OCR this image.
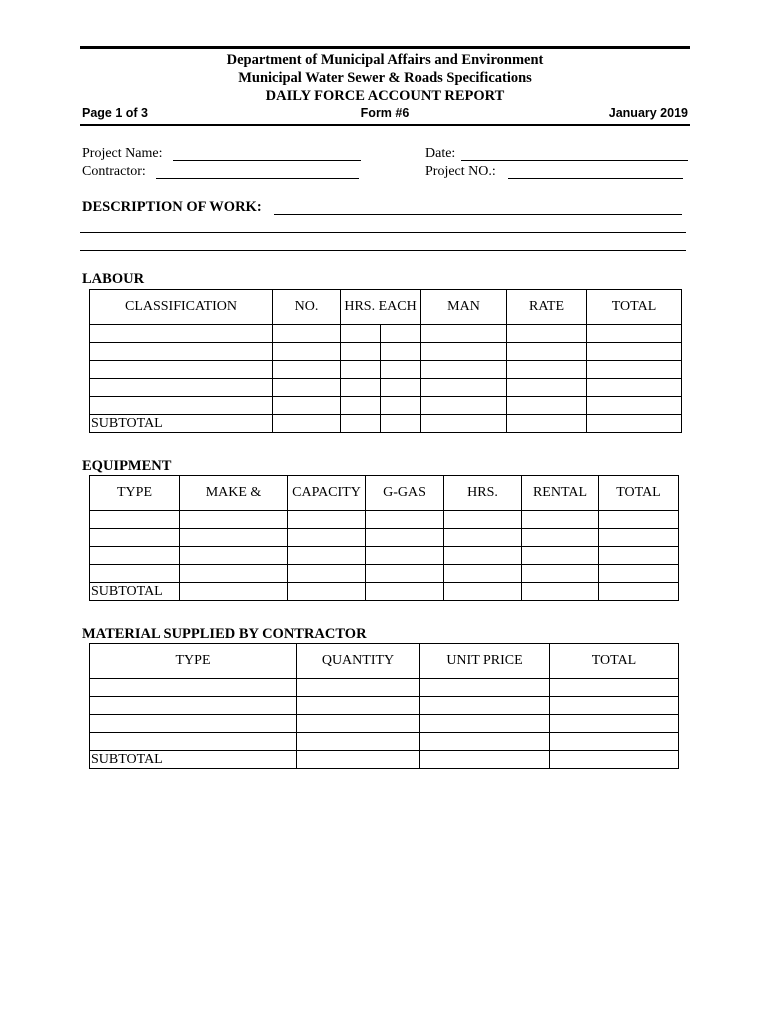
Department of Municipal Affairs and Environment
Municipal Water Sewer & Roads Specifications
DAILY FORCE ACCOUNT REPORT
Page 1 of 3	Form #6	January 2019
Project Name:
Contractor:
Date:
Project NO.:
DESCRIPTION OF WORK:
LABOUR
CLASSIFICATION	NO.	HRS. EACH		MAN	RATE	TOTAL

SUBTOTAL						
EQUIPMENT
TYPE	MAKE &	CAPACITY	G-GAS	HRS.	RENTAL	TOTAL

SUBTOTAL						
MATERIAL SUPPLIED BY CONTRACTOR
TYPE	QUANTITY	UNIT PRICE	TOTAL

SUBTOTAL			
